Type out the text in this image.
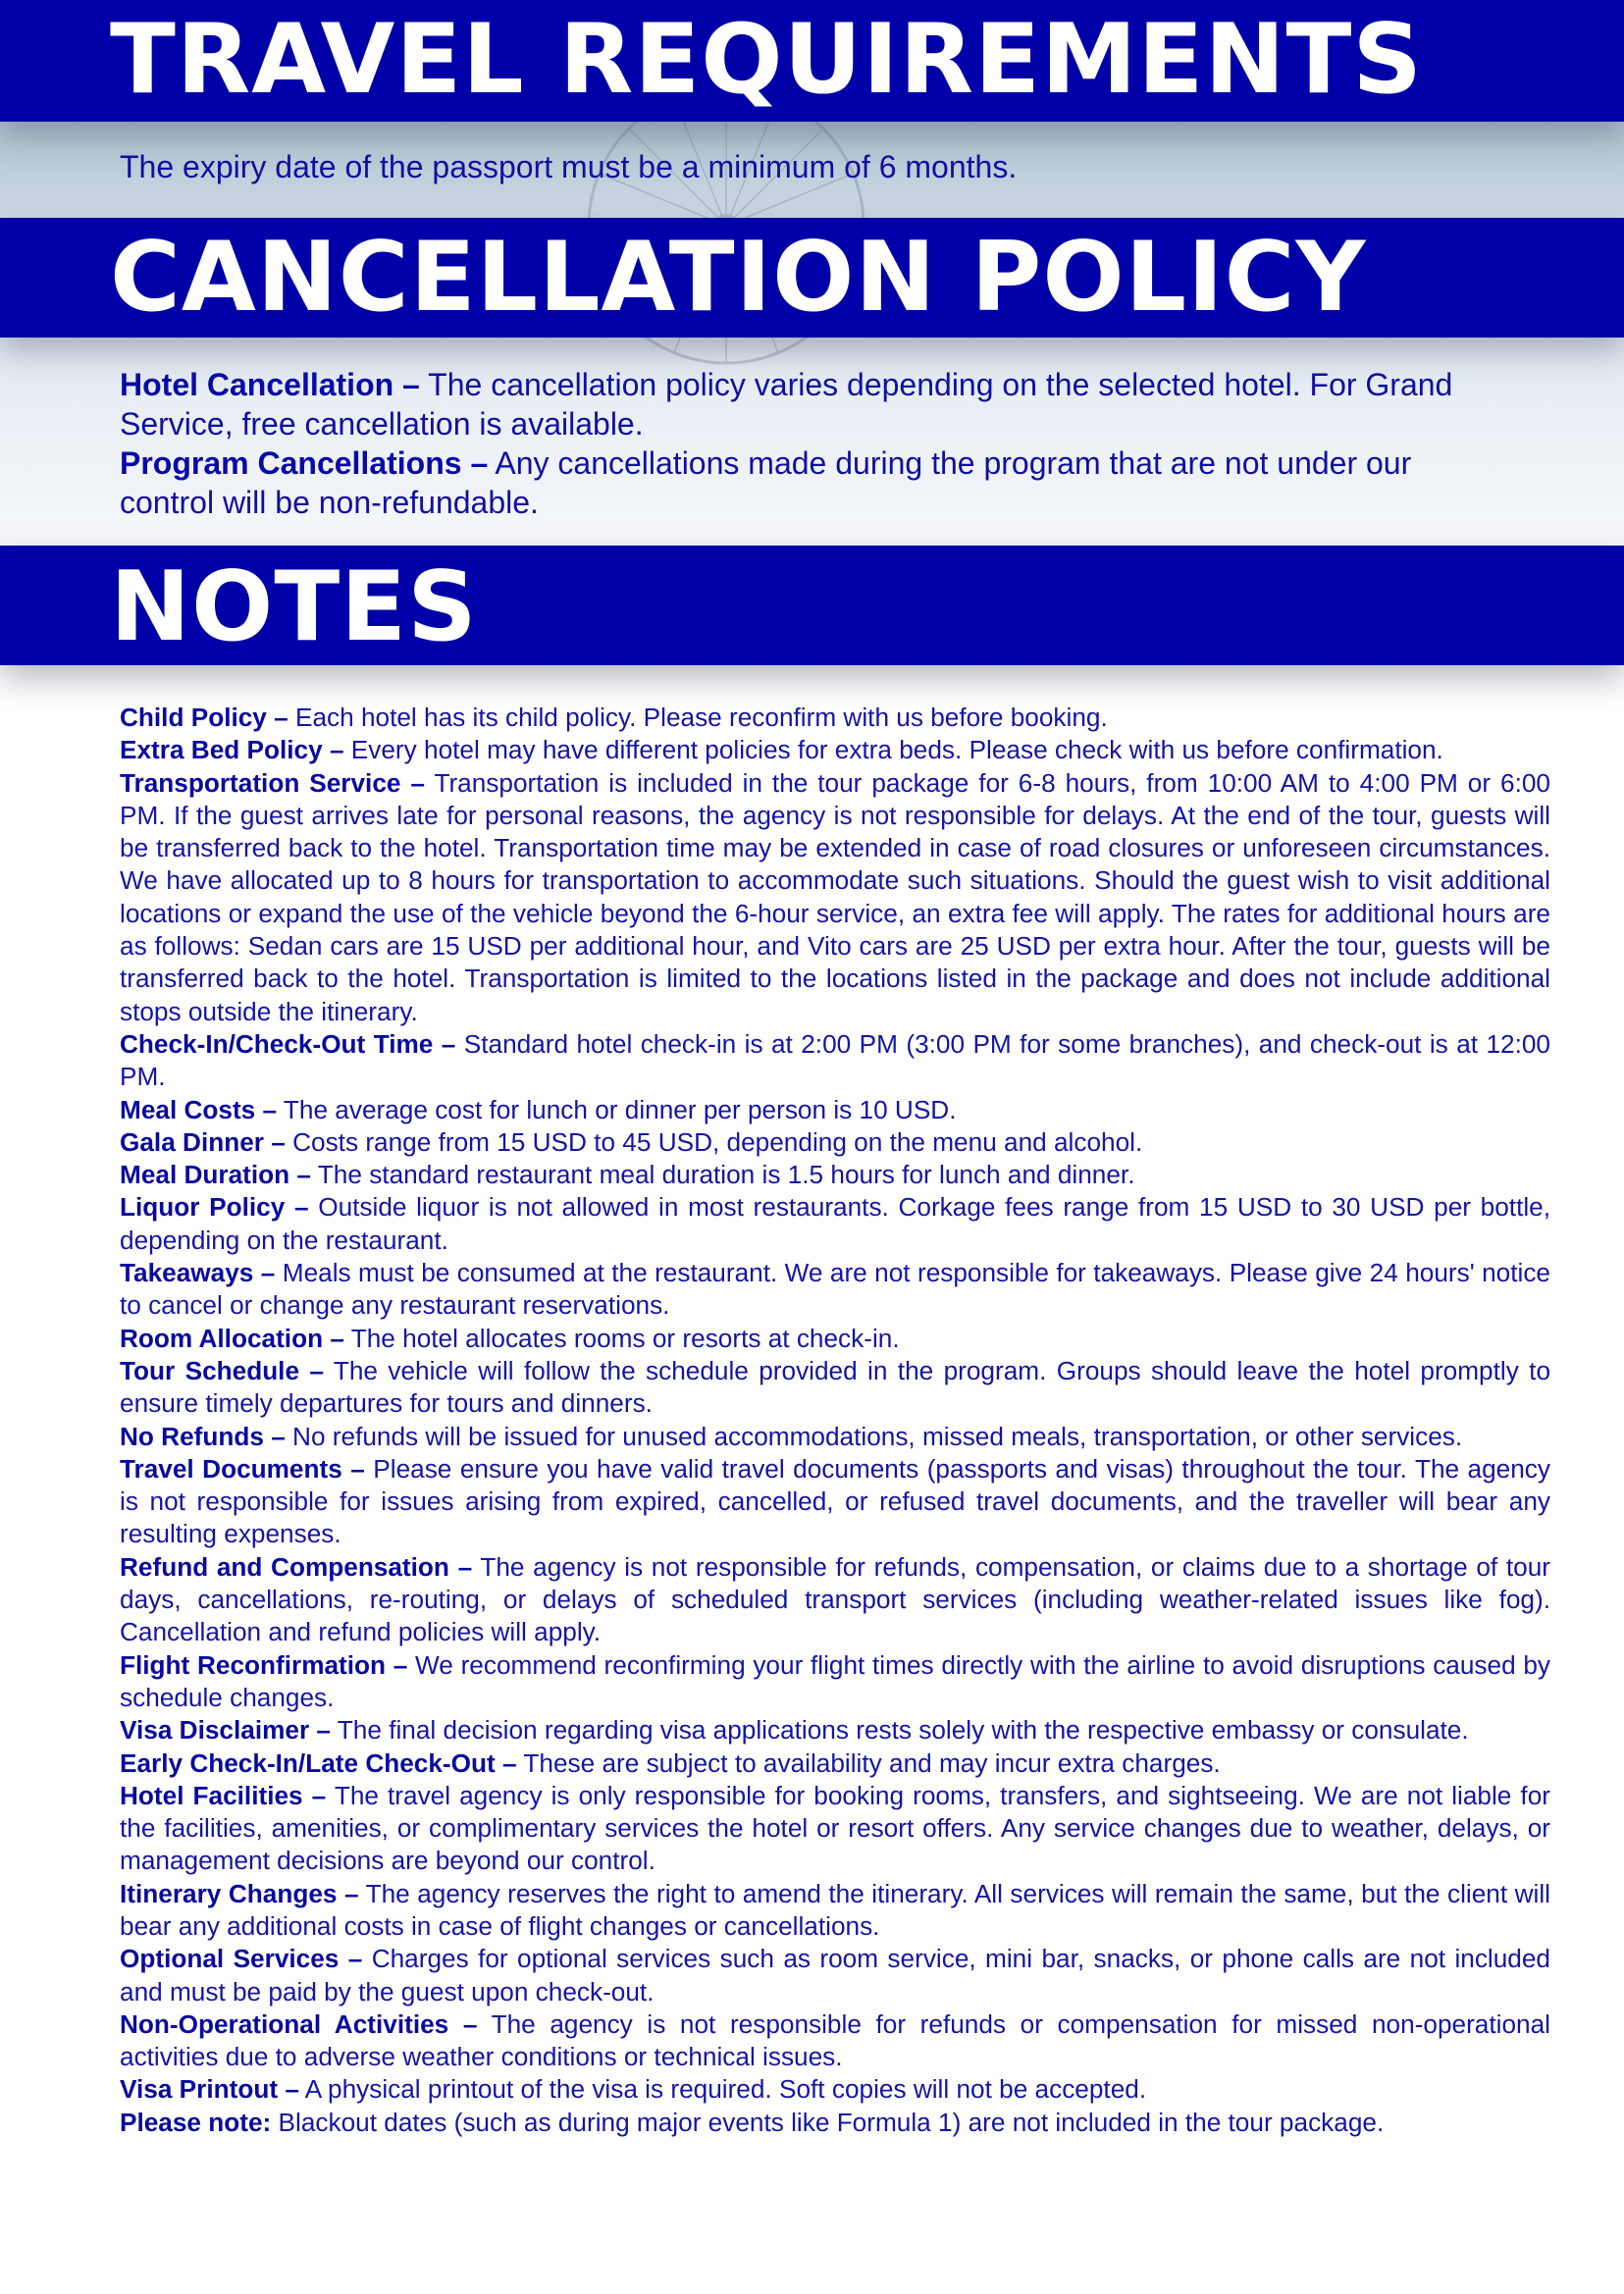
TRAVEL REQUIREMENTS

The expiry date of the passport must be a minimum of 6 months.

CANCELLATION POLICY

Hotel Cancellation – The cancellation policy varies depending on the selected hotel. For Grand Service, free cancellation is available.

Program Cancellations – Any cancellations made during the program that are not under our control will be non-refundable.

NOTES

Child Policy – Each hotel has its child policy. Please reconfirm with us before booking.

Extra Bed Policy – Every hotel may have different policies for extra beds. Please check with us before confirmation.

Transportation Service – Transportation is included in the tour package for 6-8 hours, from 10:00 AM to 4:00 PM or 6:00 PM. If the guest arrives late for personal reasons, the agency is not responsible for delays. At the end of the tour, guests will be transferred back to the hotel. Transportation time may be extended in case of road closures or unforeseen circumstances. We have allocated up to 8 hours for transportation to accommodate such situations. Should the guest wish to visit additional locations or expand the use of the vehicle beyond the 6-hour service, an extra fee will apply. The rates for additional hours are as follows: Sedan cars are 15 USD per additional hour, and Vito cars are 25 USD per extra hour. After the tour, guests will be transferred back to the hotel. Transportation is limited to the locations listed in the package and does not include additional stops outside the itinerary.

Check-In/Check-Out Time – Standard hotel check-in is at 2:00 PM (3:00 PM for some branches), and check-out is at 12:00 PM.

Meal Costs – The average cost for lunch or dinner per person is 10 USD.

Gala Dinner – Costs range from 15 USD to 45 USD, depending on the menu and alcohol.

Meal Duration – The standard restaurant meal duration is 1.5 hours for lunch and dinner.

Liquor Policy – Outside liquor is not allowed in most restaurants. Corkage fees range from 15 USD to 30 USD per bottle, depending on the restaurant.

Takeaways – Meals must be consumed at the restaurant. We are not responsible for takeaways. Please give 24 hours' notice to cancel or change any restaurant reservations.

Room Allocation – The hotel allocates rooms or resorts at check-in.

Tour Schedule – The vehicle will follow the schedule provided in the program. Groups should leave the hotel promptly to ensure timely departures for tours and dinners.

No Refunds – No refunds will be issued for unused accommodations, missed meals, transportation, or other services.

Travel Documents – Please ensure you have valid travel documents (passports and visas) throughout the tour. The agency is not responsible for issues arising from expired, cancelled, or refused travel documents, and the traveller will bear any resulting expenses.

Refund and Compensation – The agency is not responsible for refunds, compensation, or claims due to a shortage of tour days, cancellations, re-routing, or delays of scheduled transport services (including weather-related issues like fog). Cancellation and refund policies will apply.

Flight Reconfirmation – We recommend reconfirming your flight times directly with the airline to avoid disruptions caused by schedule changes.

Visa Disclaimer – The final decision regarding visa applications rests solely with the respective embassy or consulate.

Early Check-In/Late Check-Out – These are subject to availability and may incur extra charges.

Hotel Facilities – The travel agency is only responsible for booking rooms, transfers, and sightseeing. We are not liable for the facilities, amenities, or complimentary services the hotel or resort offers. Any service changes due to weather, delays, or management decisions are beyond our control.

Itinerary Changes – The agency reserves the right to amend the itinerary. All services will remain the same, but the client will bear any additional costs in case of flight changes or cancellations.

Optional Services – Charges for optional services such as room service, mini bar, snacks, or phone calls are not included and must be paid by the guest upon check-out.

Non-Operational Activities – The agency is not responsible for refunds or compensation for missed non-operational activities due to adverse weather conditions or technical issues.

Visa Printout – A physical printout of the visa is required. Soft copies will not be accepted.

Please note: Blackout dates (such as during major events like Formula 1) are not included in the tour package.
